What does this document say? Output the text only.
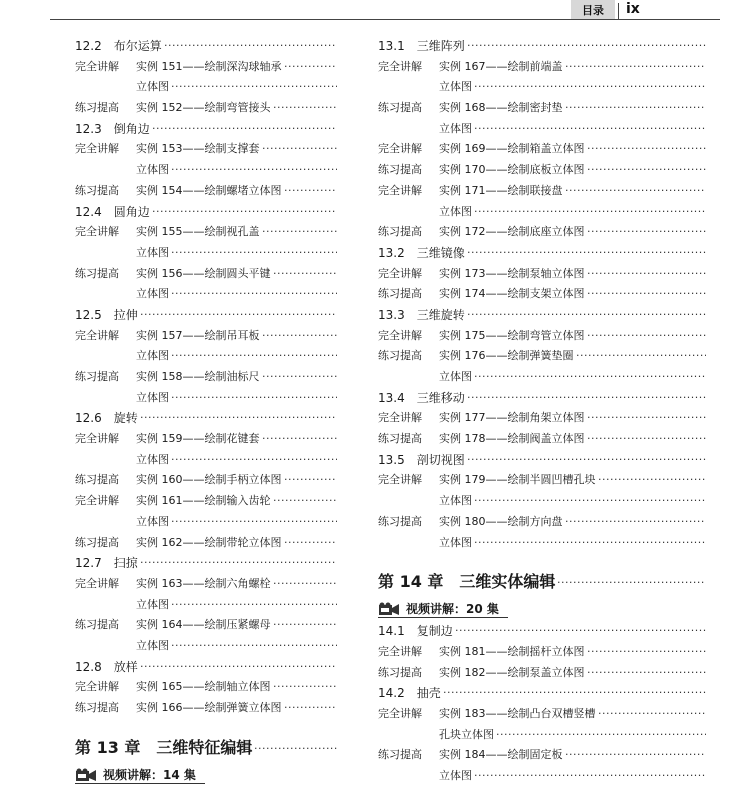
目录	ix
12.2　布尔运算
·····
完全讲解 实例 151——绘制深沟球轴承
·····
立体图
·····
练习提高 实例 152——绘制弯管接头
·····
12.3　倒角边
·····
完全讲解 实例 153——绘制支撑套
·····
立体图
·····
练习提高 实例 154——绘制螺堵立体图
·····
12.4　圆角边
·····
完全讲解 实例 155——绘制视孔盖
·····
立体图
·····
练习提高 实例 156——绘制圆头平键
·····
立体图
·····
12.5　拉伸
·····
完全讲解 实例 157——绘制吊耳板
·····
立体图
·····
练习提高 实例 158——绘制油标尺
·····
立体图
·····
12.6　旋转
·····
完全讲解 实例 159——绘制花键套
·····
立体图
·····
练习提高 实例 160——绘制手柄立体图
·····
完全讲解 实例 161——绘制输入齿轮
·····
立体图
·····
练习提高 实例 162——绘制带轮立体图
·····
12.7　扫掠
·····
完全讲解 实例 163——绘制六角螺栓
·····
立体图
·····
练习提高 实例 164——绘制压紧螺母
·····
立体图
·····
12.8　放样
·····
完全讲解 实例 165——绘制轴立体图
·····
练习提高 实例 166——绘制弹簧立体图
·····
第 13 章　三维特征编辑
·····
视频讲解：14 集
13.1　三维阵列
·····
完全讲解 实例 167——绘制前端盖
·····
立体图
·····
练习提高 实例 168——绘制密封垫
·····
立体图
·····
完全讲解 实例 169——绘制箱盖立体图
·····
练习提高 实例 170——绘制底板立体图
·····
完全讲解 实例 171——绘制联接盘
·····
立体图
·····
练习提高 实例 172——绘制底座立体图
·····
13.2　三维镜像
·····
完全讲解 实例 173——绘制泵轴立体图
·····
练习提高 实例 174——绘制支架立体图
·····
13.3　三维旋转
·····
完全讲解 实例 175——绘制弯管立体图
·····
练习提高 实例 176——绘制弹簧垫圈
·····
立体图
·····
13.4　三维移动
·····
完全讲解 实例 177——绘制角架立体图
·····
练习提高 实例 178——绘制阀盖立体图
·····
13.5　剖切视图
·····
完全讲解 实例 179——绘制半圆凹槽孔块
·····
立体图
·····
练习提高 实例 180——绘制方向盘
·····
立体图
·····
第 14 章　三维实体编辑
·····
视频讲解：20 集
14.1　复制边
·····
完全讲解 实例 181——绘制摇杆立体图
·····
练习提高 实例 182——绘制泵盖立体图
·····
14.2　抽壳
·····
完全讲解 实例 183——绘制凸台双槽竖槽
·····
孔块立体图
·····
练习提高 实例 184——绘制固定板
·····
立体图
·····
